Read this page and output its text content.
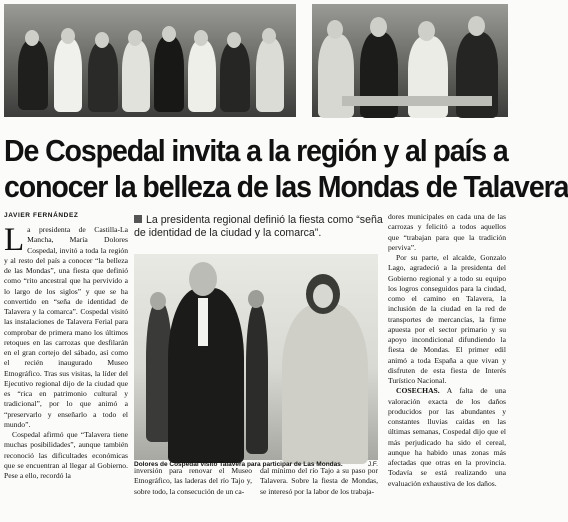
De Cospedal invita a la región y al país a
conocer la belleza de las Mondas de Talavera
JAVIER FERNÁNDEZ

La presidenta de Castilla-La Mancha, María Dolores Cospedal, invitó a toda la región y al resto del país a conocer “la belleza de las Mondas”, una fiesta que definió como “rito ancestral que ha pervivido a lo largo de los siglos” y que se ha convertido en “seña de identidad de Talavera y la comarca”. Cospedal visitó las instalaciones de Talavera Ferial para comprobar de primera mano los últimos retoques en las carrozas que desfilarán en el gran cortejo del sábado, así como el recién inaugurado Museo Etnográfico. Tras sus visitas, la líder del Ejecutivo regional dijo de la ciudad que es “rica en patrimonio cultural y tradicional”, por lo que animó a “preservarlo y enseñarlo a todo el mundo”.

Cospedal afirmó que “Talavera tiene muchas posibilidades”, aunque también reconoció las dificultades económicas que se encuentran al llegar al Gobierno. Pese a ello, recordó la

La presidenta regional definió la fiesta como “seña de identidad de la ciudad y la comarca”.
Dolores de Cospedal visitó Talavera para participar de Las Mondas.	J.F.

inversión para renovar el Museo Etnográfico, las laderas del río Tajo y, sobre todo, la consecución de un ca-

dal mínimo del río Tajo a su paso por Talavera. Sobre la fiesta de Mondas, se interesó por la labor de los trabaja-

dores municipales en cada una de las carrozas y felicitó a todos aquellos que “trabajan para que la tradición perviva”.

Por su parte, el alcalde, Gonzalo Lago, agradeció a la presidenta del Gobierno regional y a todo su equipo los logros conseguidos para la ciudad, como el camino en Talavera, la inclusión de la ciudad en la red de transportes de mercancías, la firme apuesta por el sector primario y su apoyo incondicional difundiendo la fiesta de Mondas. El primer edil animó a toda España a que vivan y disfruten de esta fiesta de Interés Turístico Nacional.

COSECHAS. A falta de una valoración exacta de los daños producidos por las abundantes y constantes lluvias caídas en las últimas semanas, Cospedal dijo que el más perjudicado ha sido el cereal, aunque ha habido unas zonas más afectadas que otras en la provincia. Todavía se está realizando una evaluación exhaustiva de los daños.
